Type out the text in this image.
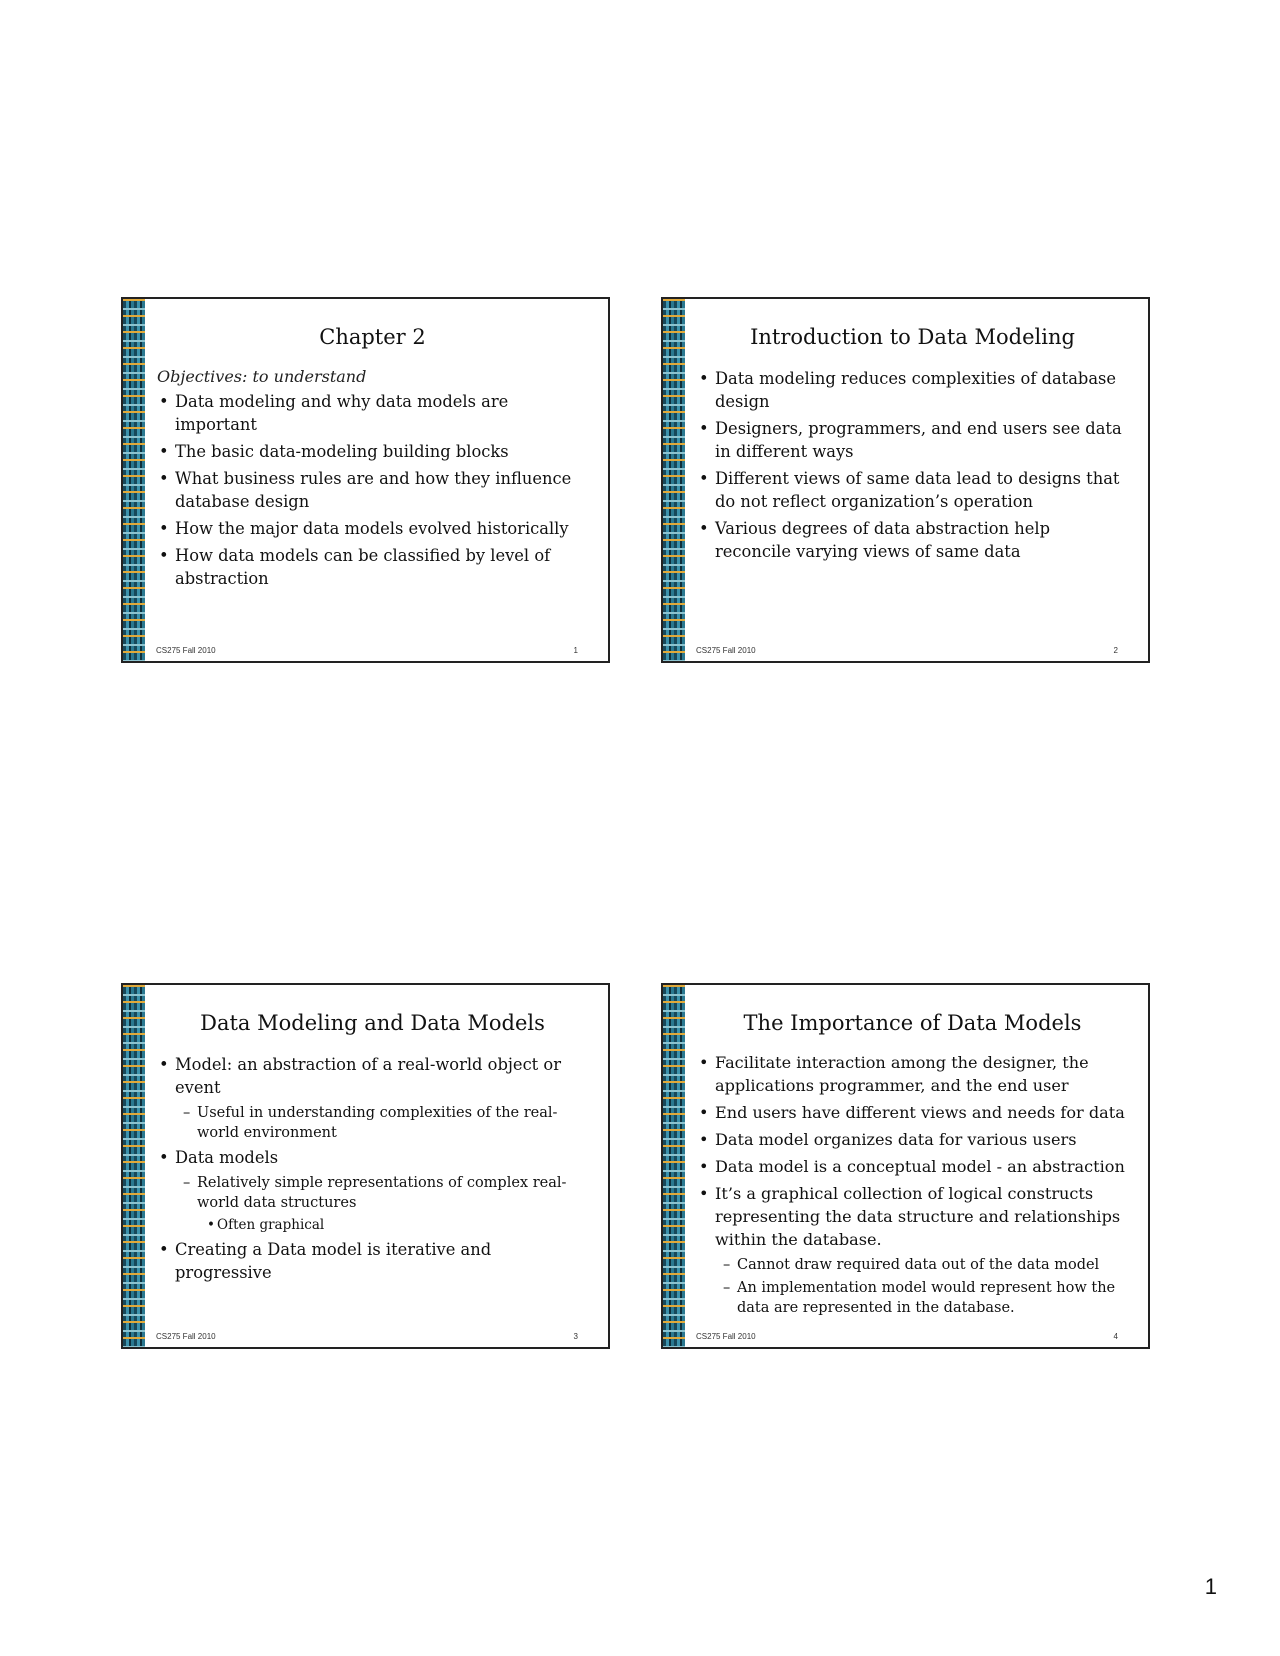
Chapter 2
Objectives: to understand
• Data modeling and why data models are important
• The basic data-modeling building blocks
• What business rules are and how they influence database design
• How the major data models evolved historically
• How data models can be classified by level of abstraction
CS275 Fall 2010	1
Introduction to Data Modeling
• Data modeling reduces complexities of database design
• Designers, programmers, and end users see data in different ways
• Different views of same data lead to designs that do not reflect organization’s operation
• Various degrees of data abstraction help reconcile varying views of same data
CS275 Fall 2010	2
Data Modeling and Data Models
• Model: an abstraction of a real-world object or event
– Useful in understanding complexities of the real-world environment
• Data models
– Relatively simple representations of complex real-world data structures
• Often graphical
• Creating a Data model is iterative and progressive
CS275 Fall 2010	3
The Importance of Data Models
• Facilitate interaction among the designer, the applications programmer, and the end user
• End users have different views and needs for data
• Data model organizes data for various users
• Data model is a conceptual model - an abstraction
• It’s a graphical collection of logical constructs representing the data structure and relationships within the database.
– Cannot draw required data out of the data model
– An implementation model would represent how the data are represented in the database.
CS275 Fall 2010	4
1
